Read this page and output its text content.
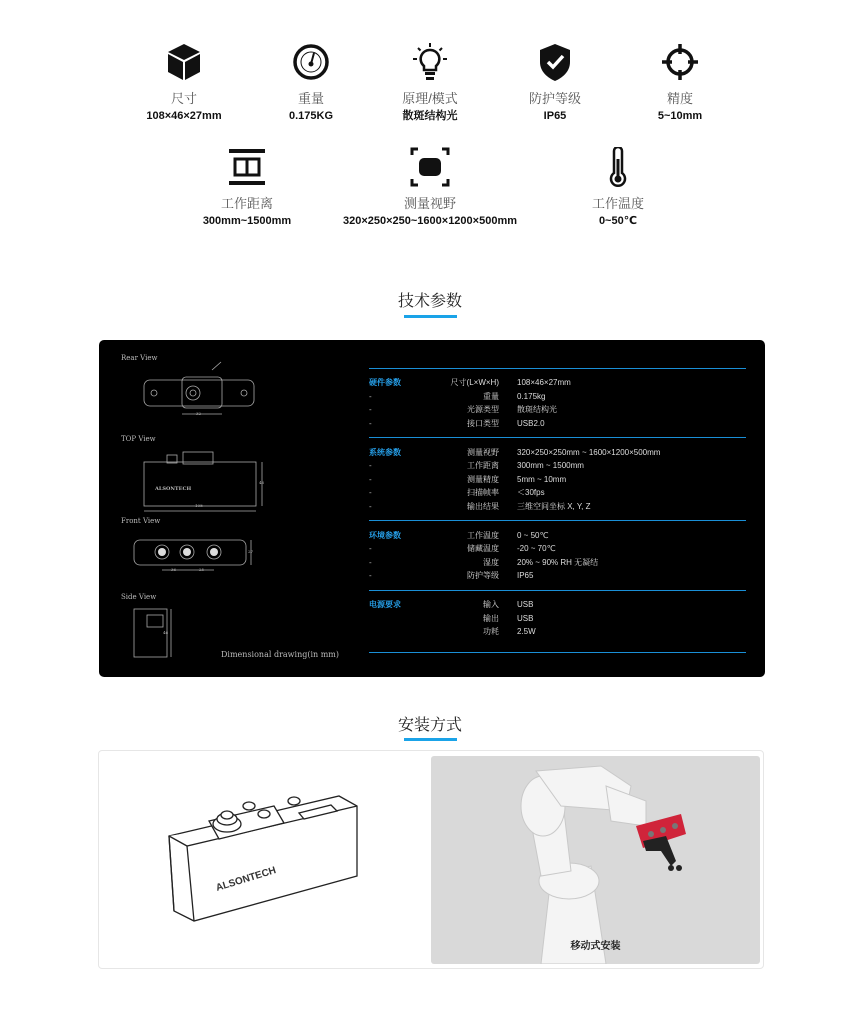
尺寸
108×46×27mm
重量
0.175KG
原理/模式
散斑结构光
防护等级
IP65
精度
5~10mm
工作距离
300mm~1500mm
测量视野
320×250×250~1600×1200×500mm
工作温度
0~50℃
技术参数
Rear View
TOP View
Front View
Side View
32
108
46
36	25
27
46
ALSONTECH
Dimensional drawing(in mm)
硬件参数	尺寸(L×W×H) 108×46×27mm
-	重量 0.175kg
-	光源类型 散斑结构光
-	接口类型 USB2.0
系统参数	测量视野 320×250×250mm ~ 1600×1200×500mm
-	工作距离 300mm ~ 1500mm
-	测量精度 5mm ~ 10mm
-	扫描帧率 ＜30fps
-	输出结果 三维空间坐标 X, Y, Z
环境参数	工作温度 0 ~ 50℃
-	储藏温度 -20 ~ 70℃
-	湿度 20% ~ 90% RH 无凝结
-	防护等级 IP65
电源要求	输入 USB
输出 USB
功耗 2.5W
安装方式
ALSONTECH
移动式安装
